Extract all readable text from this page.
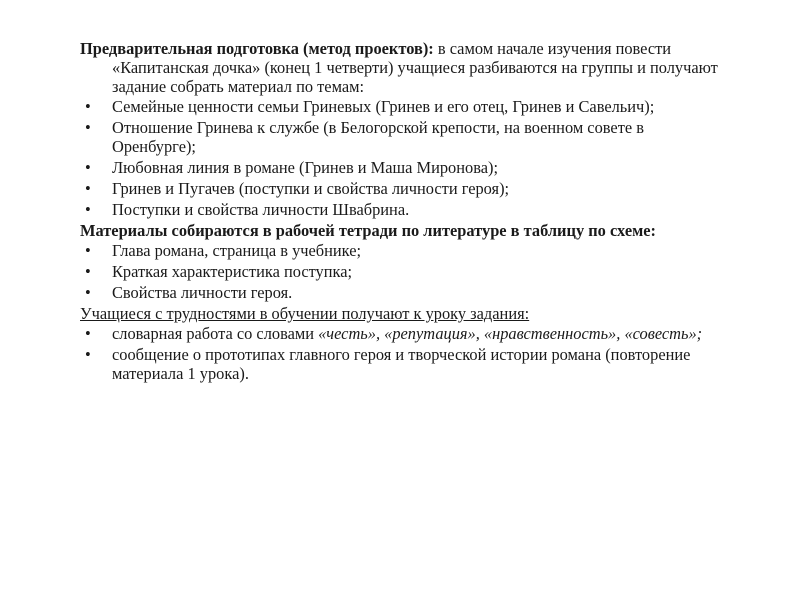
Предварительная подготовка (метод проектов): в самом начале изучения повести «Капитанская дочка» (конец 1 четверти) учащиеся разбиваются на группы и получают задание собрать материал по темам:

• Семейные ценности семьи Гриневых (Гринев и его отец, Гринев и Савельич);
• Отношение Гринева к службе (в Белогорской крепости, на военном совете в Оренбурге);
• Любовная линия в романе (Гринев и Маша Миронова);
• Гринев и Пугачев (поступки и свойства личности героя);
• Поступки и свойства личности Швабрина.

Материалы собираются в рабочей тетради по литературе в таблицу по схеме:

• Глава романа, страница в учебнике;
• Краткая характеристика поступка;
• Свойства личности героя.

Учащиеся с трудностями в обучении получают к уроку задания:

• словарная работа со словами «честь», «репутация», «нравственность», «совесть»;
• сообщение о прототипах главного героя и творческой истории романа (повторение материала 1 урока).
